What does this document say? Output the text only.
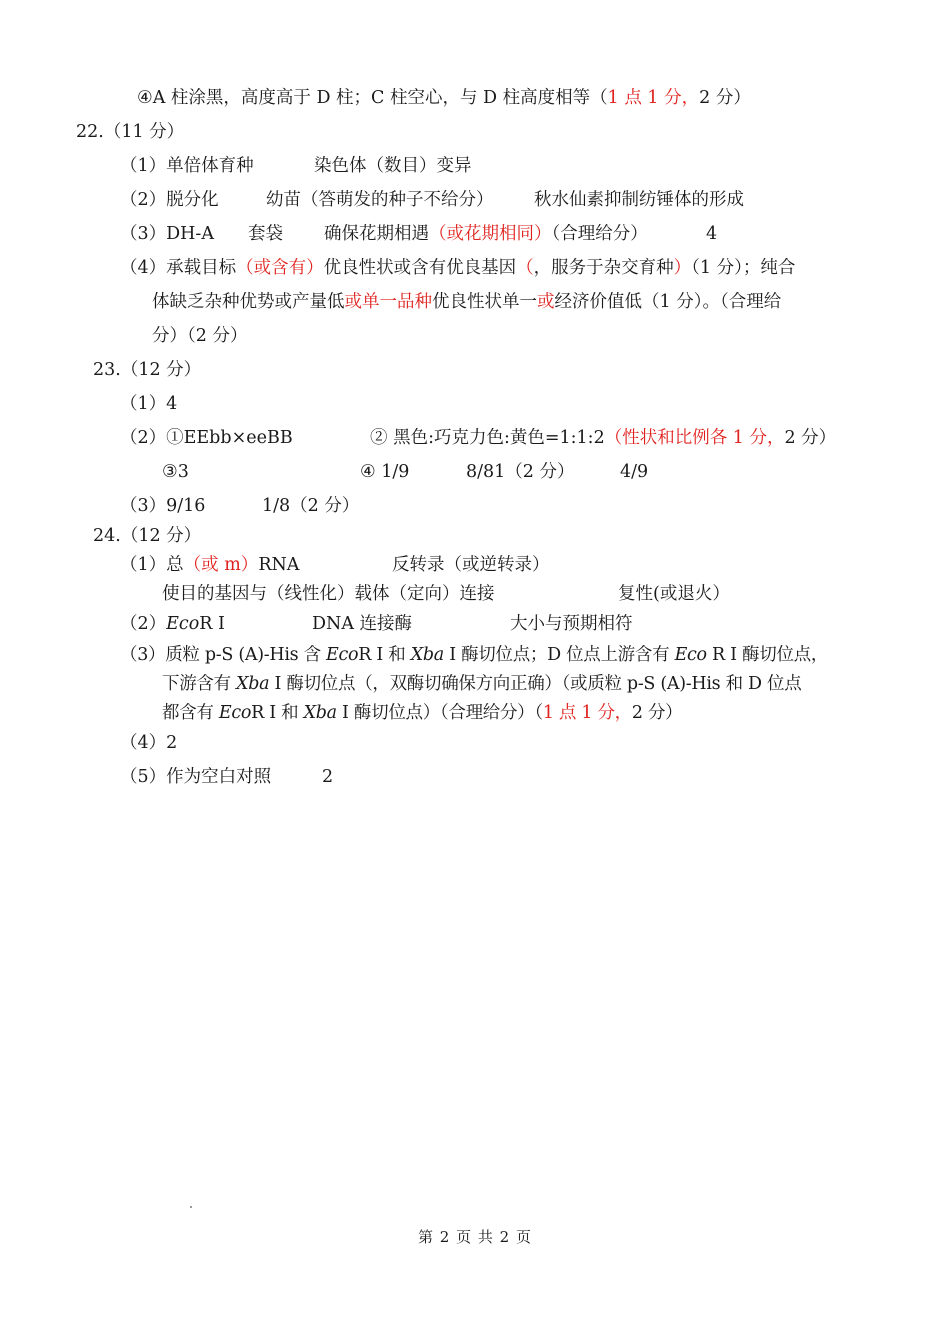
④A 柱涂黑，高度高于 D 柱；C 柱空心，与 D 柱高度相等（1 点 1 分，2 分）
22.（11 分）
（1）单倍体育种	染色体（数目）变异
（2）脱分化	幼苗（答萌发的种子不给分） 秋水仙素抑制纺锤体的形成
（3）DH-A 套袋 确保花期相遇（或花期相同）（合理给分）	4
（4）承载目标（或含有）优良性状或含有优良基因（，服务于杂交育种）（1 分）；纯合
体缺乏杂种优势或产量低或单一品种优良性状单一或经济价值低（1 分）。（合理给
分）（2 分）
23.（12 分）
（1）4
（2）①EEbb×eeBB	② 黑色:巧克力色:黄色=1:1:2（性状和比例各 1 分，2 分）
③3	④ 1/9	8/81（2 分）	4/9
（3）9/16	1/8（2 分）
24.（12 分）
（1）总（或 m）RNA	反转录（或逆转录）
使目的基因与（线性化）载体（定向）连接	复性(或退火）
（2）EcoR Ⅰ	DNA 连接酶	大小与预期相符
（3）质粒 p-S (A)-His 含 EcoR Ⅰ 和 Xba Ⅰ 酶切位点；D 位点上游含有 Eco R I 酶切位点，
下游含有 Xba Ⅰ 酶切位点（，双酶切确保方向正确）（或质粒 p-S (A)-His 和 D 位点
都含有 EcoR Ⅰ 和 Xba Ⅰ 酶切位点）（合理给分）（1 点 1 分，2 分）
（4）2
（5）作为空白对照	2
第 2 页 共 2 页
